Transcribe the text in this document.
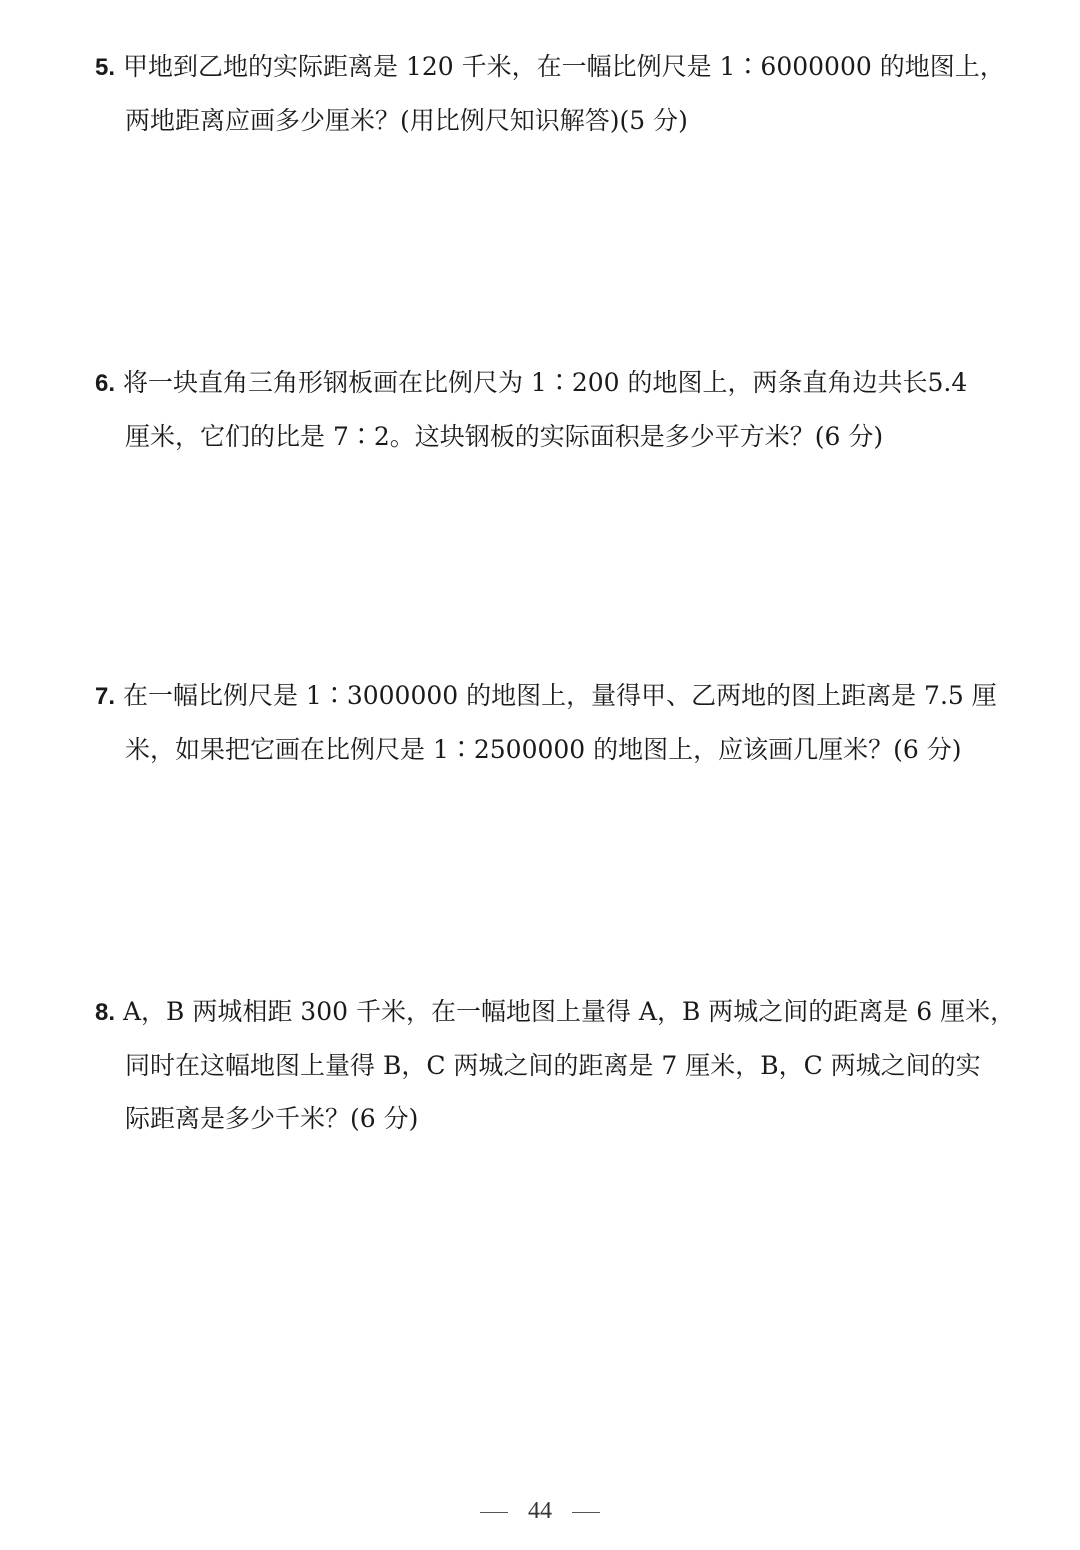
5. 甲地到乙地的实际距离是 120 千米，在一幅比例尺是 1∶6000000 的地图上，
两地距离应画多少厘米？(用比例尺知识解答)(5 分)
6. 将一块直角三角形钢板画在比例尺为 1∶200 的地图上，两条直角边共长5.4
厘米，它们的比是 7∶2。这块钢板的实际面积是多少平方米？(6 分)
7. 在一幅比例尺是 1∶3000000 的地图上，量得甲、乙两地的图上距离是 7.5 厘
米，如果把它画在比例尺是 1∶2500000 的地图上，应该画几厘米？(6 分)
8. A，B 两城相距 300 千米，在一幅地图上量得 A，B 两城之间的距离是 6 厘米，
同时在这幅地图上量得 B，C 两城之间的距离是 7 厘米，B，C 两城之间的实
际距离是多少千米？(6 分)
44
